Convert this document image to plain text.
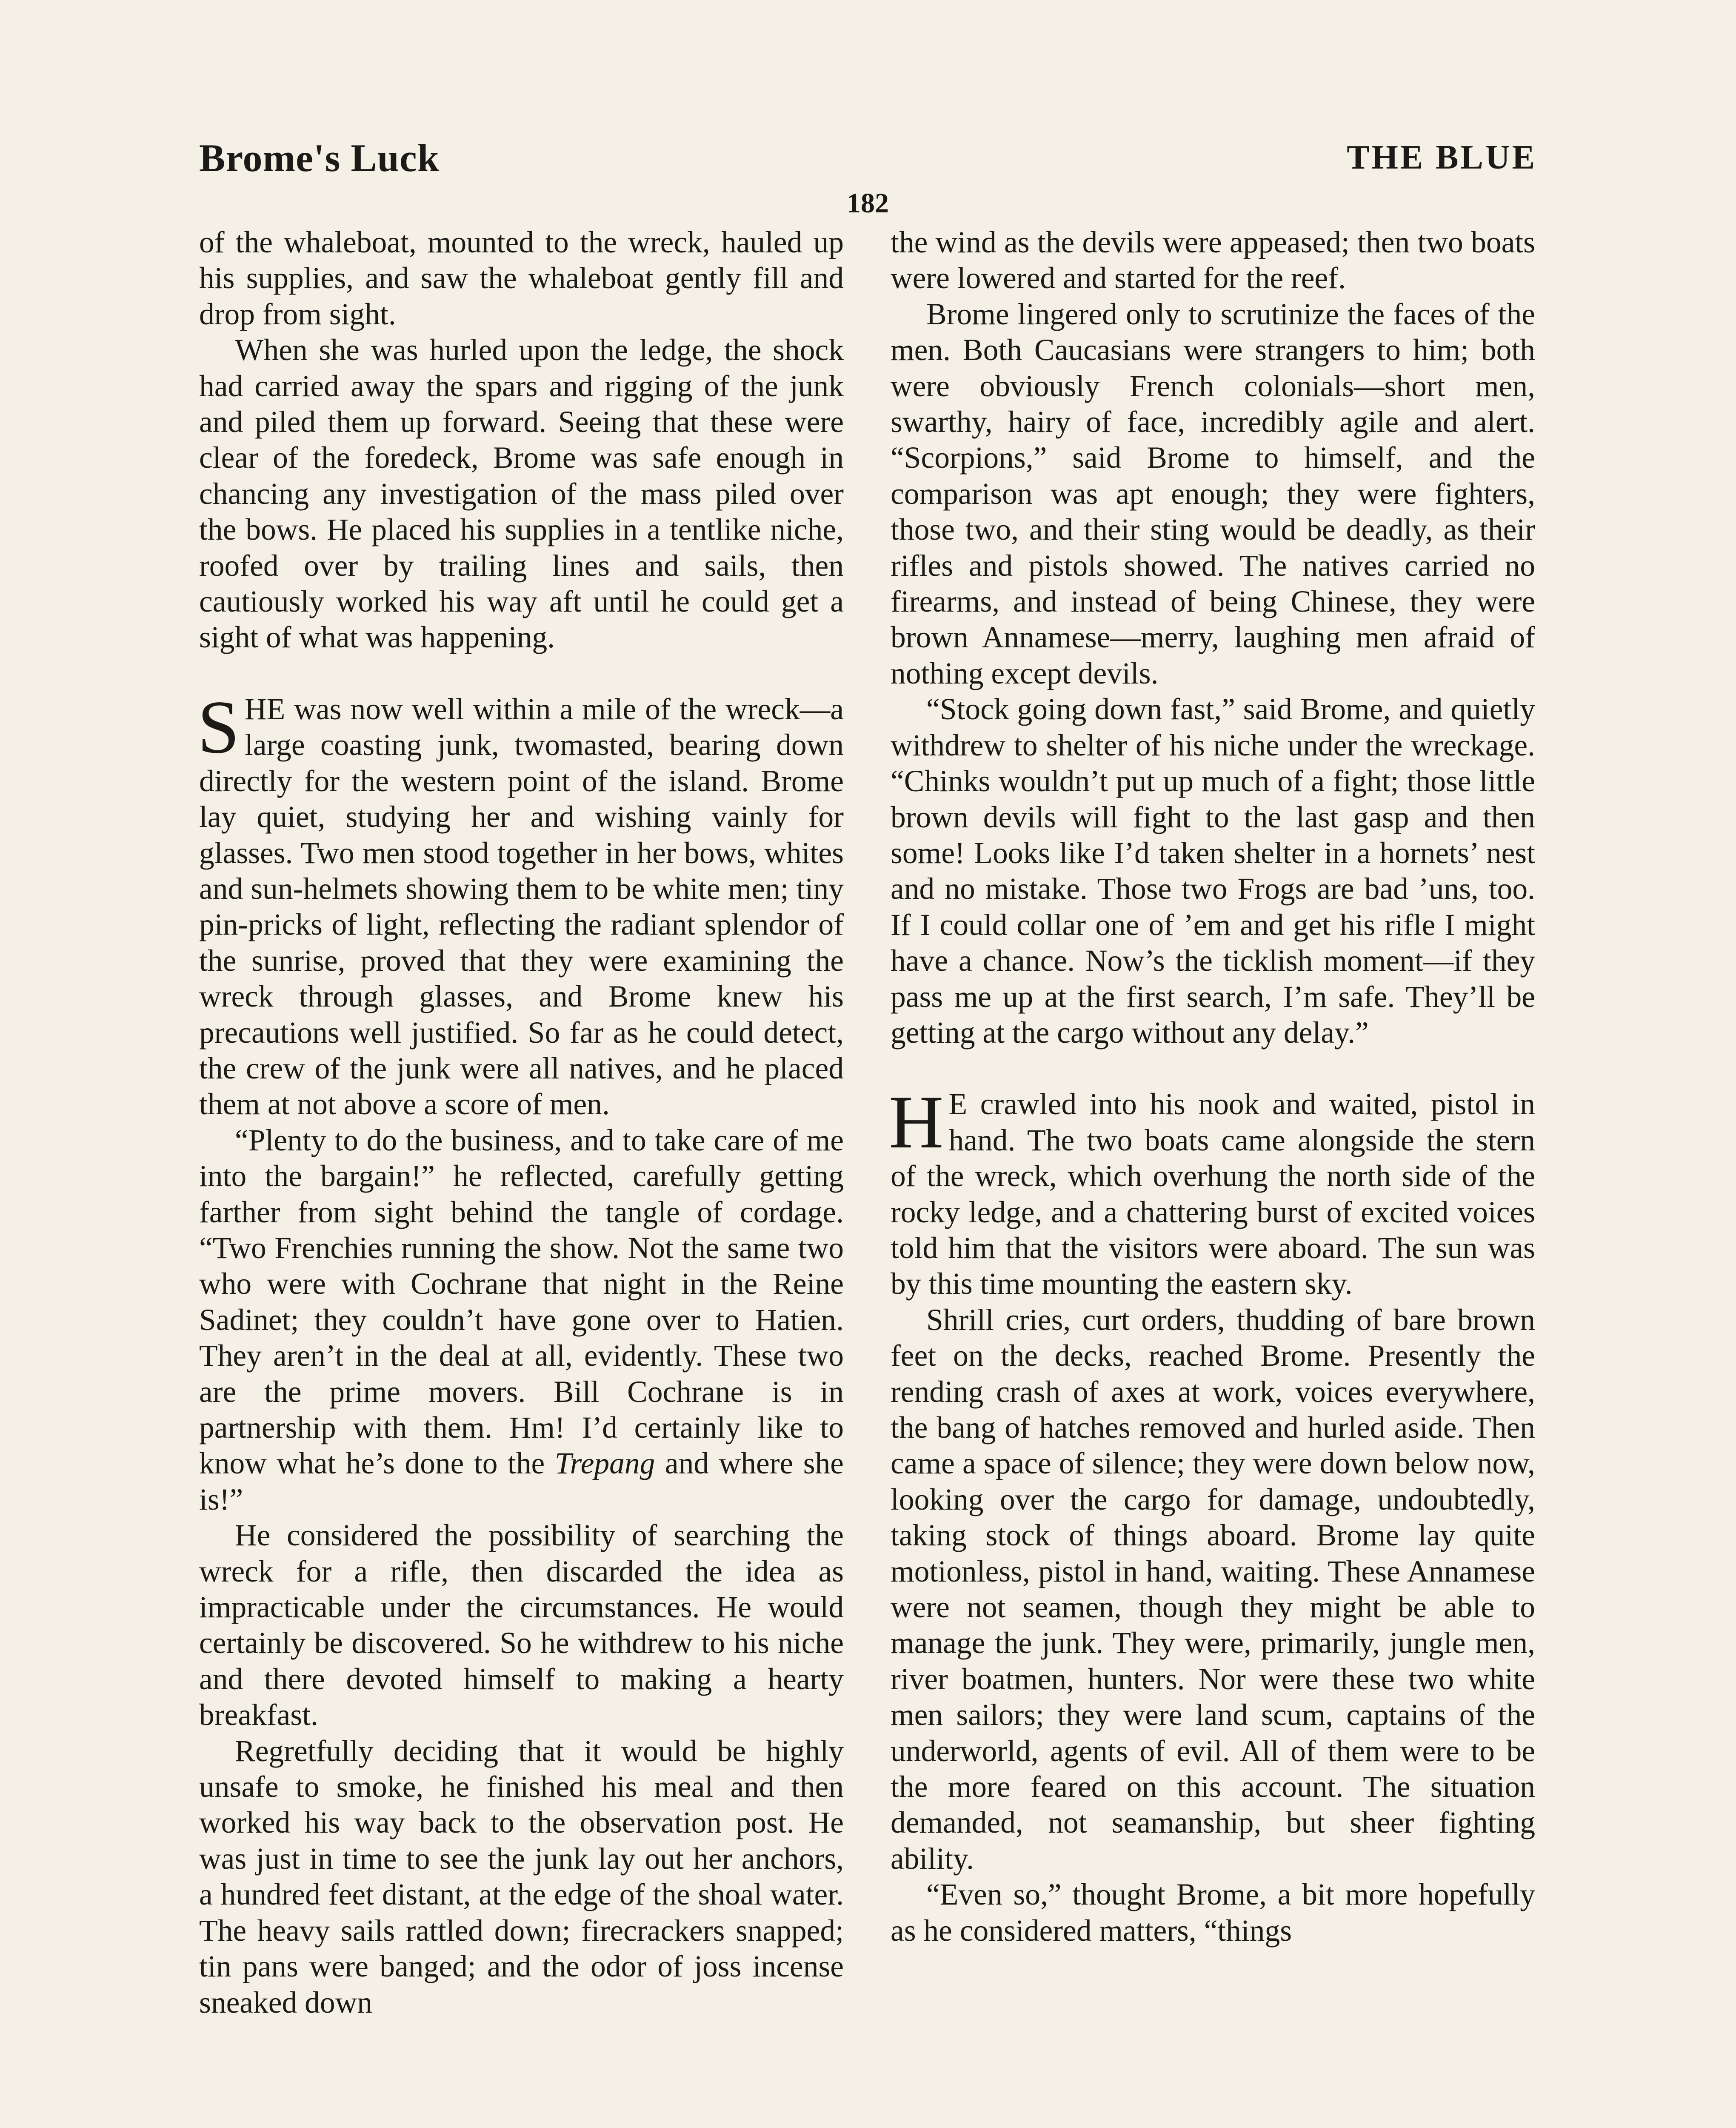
Brome's Luck	THE BLUE
182

of the whaleboat, mounted to the wreck, hauled up his supplies, and saw the whaleboat gently fill and drop from sight.

When she was hurled upon the ledge, the shock had carried away the spars and rigging of the junk and piled them up forward. Seeing that these were clear of the foredeck, Brome was safe enough in chancing any investigation of the mass piled over the bows. He placed his supplies in a tentlike niche, roofed over by trailing lines and sails, then cautiously worked his way aft until he could get a sight of what was happening.

SHE was now well within a mile of the wreck—a large coasting junk, twomasted, bearing down directly for the western point of the island. Brome lay quiet, studying her and wishing vainly for glasses. Two men stood together in her bows, whites and sun-helmets showing them to be white men; tiny pin-pricks of light, reflecting the radiant splendor of the sunrise, proved that they were examining the wreck through glasses, and Brome knew his precautions well justified. So far as he could detect, the crew of the junk were all natives, and he placed them at not above a score of men.

“Plenty to do the business, and to take care of me into the bargain!” he reflected, carefully getting farther from sight behind the tangle of cordage. “Two Frenchies running the show. Not the same two who were with Cochrane that night in the Reine Sadinet; they couldn’t have gone over to Hatien. They aren’t in the deal at all, evidently. These two are the prime movers. Bill Cochrane is in partnership with them. Hm! I’d certainly like to know what he’s done to the Trepang and where she is!”

He considered the possibility of searching the wreck for a rifle, then discarded the idea as impracticable under the circumstances. He would certainly be discovered. So he withdrew to his niche and there devoted himself to making a hearty breakfast.

Regretfully deciding that it would be highly unsafe to smoke, he finished his meal and then worked his way back to the observation post. He was just in time to see the junk lay out her anchors, a hundred feet distant, at the edge of the shoal water. The heavy sails rattled down; firecrackers snapped; tin pans were banged; and the odor of joss incense sneaked down

the wind as the devils were appeased; then two boats were lowered and started for the reef.

Brome lingered only to scrutinize the faces of the men. Both Caucasians were strangers to him; both were obviously French colonials—short men, swarthy, hairy of face, incredibly agile and alert. “Scorpions,” said Brome to himself, and the comparison was apt enough; they were fighters, those two, and their sting would be deadly, as their rifles and pistols showed. The natives carried no firearms, and instead of being Chinese, they were brown Annamese—merry, laughing men afraid of nothing except devils.

“Stock going down fast,” said Brome, and quietly withdrew to shelter of his niche under the wreckage. “Chinks wouldn’t put up much of a fight; those little brown devils will fight to the last gasp and then some! Looks like I’d taken shelter in a hornets’ nest and no mistake. Those two Frogs are bad ’uns, too. If I could collar one of ’em and get his rifle I might have a chance. Now’s the ticklish moment—if they pass me up at the first search, I’m safe. They’ll be getting at the cargo without any delay.”

H E crawled into his nook and waited, pistol in hand. The two boats came alongside the stern of the wreck, which overhung the north side of the rocky ledge, and a chattering burst of excited voices told him that the visitors were aboard. The sun was by this time mounting the eastern sky.

Shrill cries, curt orders, thudding of bare brown feet on the decks, reached Brome. Presently the rending crash of axes at work, voices everywhere, the bang of hatches removed and hurled aside. Then came a space of silence; they were down below now, looking over the cargo for damage, undoubtedly, taking stock of things aboard. Brome lay quite motionless, pistol in hand, waiting. These Annamese were not seamen, though they might be able to manage the junk. They were, primarily, jungle men, river boatmen, hunters. Nor were these two white men sailors; they were land scum, captains of the underworld, agents of evil. All of them were to be the more feared on this account. The situation demanded, not seamanship, but sheer fighting ability.

“Even so,” thought Brome, a bit more hopefully as he considered matters, “things
